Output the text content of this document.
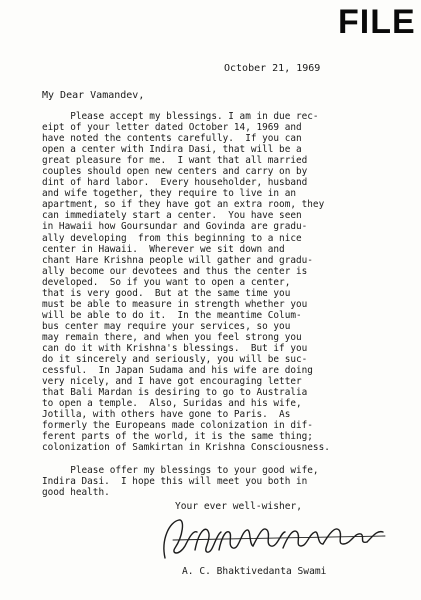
FILE
October 21, 1969
My Dear Vamandev,
Please accept my blessings. I am in due rec-
eipt of your letter dated October 14, 1969 and
have noted the contents carefully.  If you can
open a center with Indira Dasi, that will be a
great pleasure for me.  I want that all married
couples should open new centers and carry on by
dint of hard labor.  Every householder, husband
and wife together, they require to live in an
apartment, so if they have got an extra room, they
can immediately start a center.  You have seen
in Hawaii how Goursundar and Govinda are gradu-
ally developing  from this beginning to a nice
center in Hawaii.  Wherever we sit down and
chant Hare Krishna people will gather and gradu-
ally become our devotees and thus the center is
developed.  So if you want to open a center,
that is very good.  But at the same time you
must be able to measure in strength whether you
will be able to do it.  In the meantime Colum-
bus center may require your services, so you
may remain there, and when you feel strong you
can do it with Krishna's blessings.  But if you
do it sincerely and seriously, you will be suc-
cessful.  In Japan Sudama and his wife are doing
very nicely, and I have got encouraging letter
that Bali Mardan is desiring to go to Australia
to open a temple.  Also, Suridas and his wife,
Jotilla, with others have gone to Paris.  As
formerly the Europeans made colonization in dif-
ferent parts of the world, it is the same thing;
colonization of Samkirtan in Krishna Consciousness.
Please offer my blessings to your good wife,
Indira Dasi.  I hope this will meet you both in
good health.
Your ever well-wisher,
A. C. Bhaktivedanta Swami
